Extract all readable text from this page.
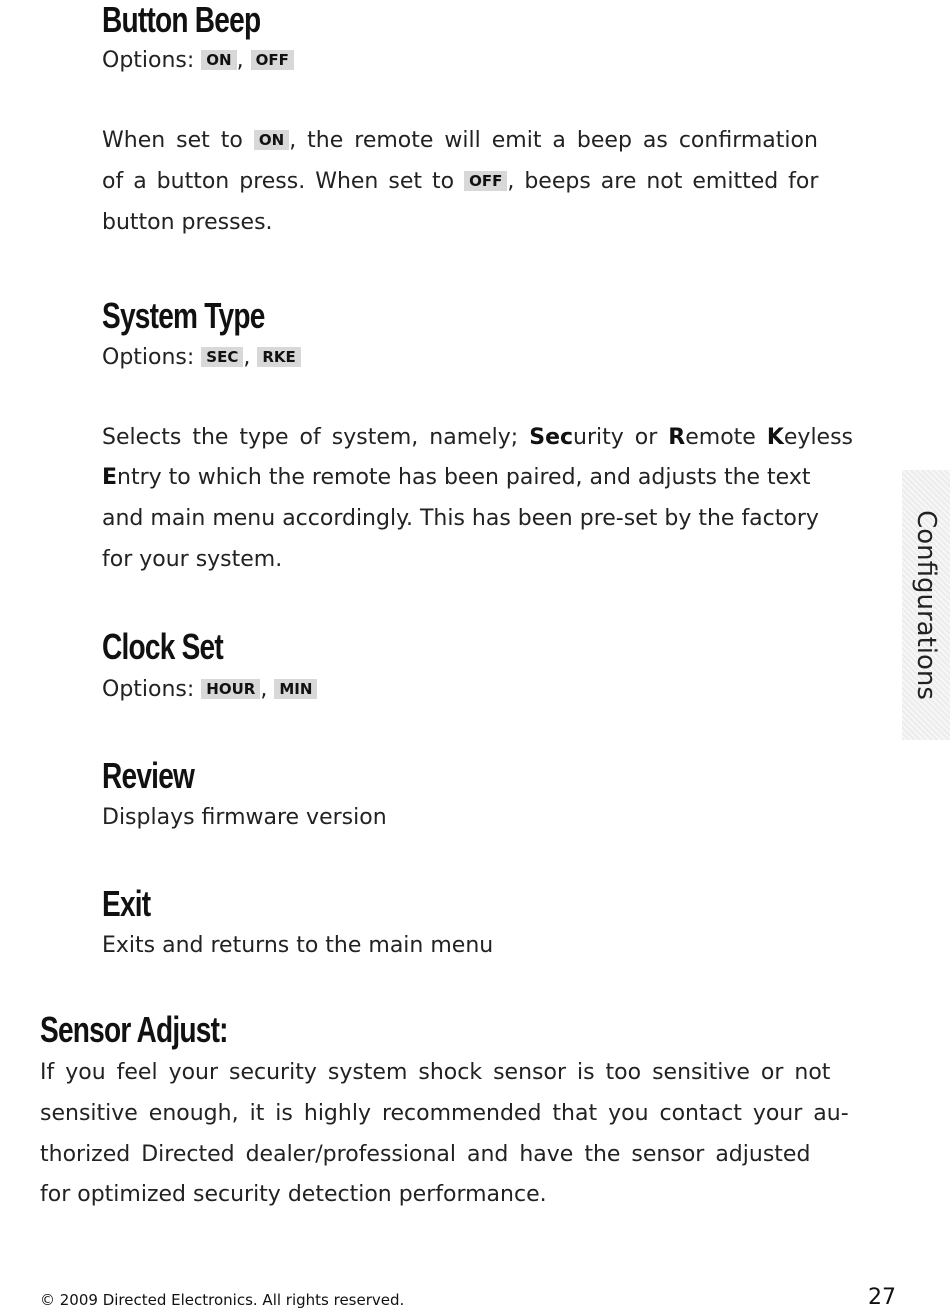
Button Beep

Options: ON , OFF

When set to ON , the remote will emit a beep as confirmation

of a button press. When set to OFF , beeps are not emitted for

button presses.

System Type

Options: SEC , RKE

Selects the type of system, namely; Security or Remote Keyless

Entry to which the remote has been paired, and adjusts the text

and main menu accordingly. This has been pre-set by the factory

for your system.

Clock Set

Options: HOUR , MIN

Review

Displays firmware version

Exit

Exits and returns to the main menu

Sensor Adjust:

If you feel your security system shock sensor is too sensitive or not

sensitive enough, it is highly recommended that you contact your au-

thorized Directed dealer/professional and have the sensor adjusted

for optimized security detection performance.

Configurations

© 2009 Directed Electronics. All rights reserved.	27
